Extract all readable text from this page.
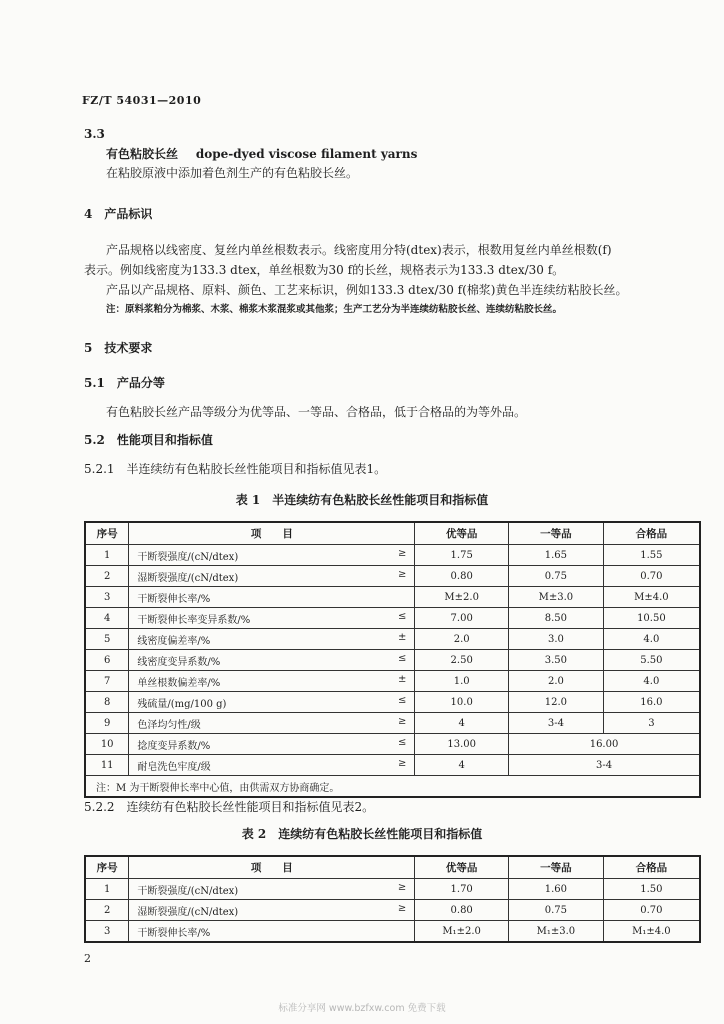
FZ/T 54031—2010
3.3
有色粘胶长丝 dope-dyed viscose filament yarns
在粘胶原液中添加着色剂生产的有色粘胶长丝。
4　产品标识
产品规格以线密度、复丝内单丝根数表示。线密度用分特(dtex)表示，根数用复丝内单丝根数(f)
表示。例如线密度为133.3 dtex，单丝根数为30 f的长丝，规格表示为133.3 dtex/30 f。
产品以产品规格、原料、颜色、工艺来标识，例如133.3 dtex/30 f(棉浆)黄色半连续纺粘胶长丝。
注：原料浆粕分为棉浆、木浆、棉浆木浆混浆或其他浆；生产工艺分为半连续纺粘胶长丝、连续纺粘胶长丝。
5　技术要求
5.1　产品分等
有色粘胶长丝产品等级分为优等品、一等品、合格品，低于合格品的为等外品。
5.2　性能项目和指标值
5.2.1　半连续纺有色粘胶长丝性能项目和指标值见表1。
表 1　半连续纺有色粘胶长丝性能项目和指标值
序号	项　　目	优等品	一等品	合格品
1	干断裂强度/(cN/dtex) ≥	1.75	1.65	1.55
2	湿断裂强度/(cN/dtex) ≥	0.80	0.75	0.70
3	干断裂伸长率/%	M±2.0	M±3.0	M±4.0
4	干断裂伸长率变异系数/% ≤	7.00	8.50	10.50
5	线密度偏差率/% ±	2.0	3.0	4.0
6	线密度变异系数/% ≤	2.50	3.50	5.50
7	单丝根数偏差率/% ±	1.0	2.0	4.0
8	残硫量/(mg/100 g) ≤	10.0	12.0	16.0
9	色泽均匀性/级 ≥	4	3-4	3
10	捻度变异系数/% ≤	13.00	16.00	
11	耐皂洗色牢度/级 ≥	4	3-4	
注：M 为干断裂伸长率中心值，由供需双方协商确定。				
5.2.2　连续纺有色粘胶长丝性能项目和指标值见表2。
表 2　连续纺有色粘胶长丝性能项目和指标值
序号	项　　目	优等品	一等品	合格品
1	干断裂强度/(cN/dtex) ≥	1.70	1.60	1.50
2	湿断裂强度/(cN/dtex) ≥	0.80	0.75	0.70
3	干断裂伸长率/%	M₁±2.0	M₁±3.0	M₁±4.0
2
标准分享网 www.bzfxw.com 免费下载
